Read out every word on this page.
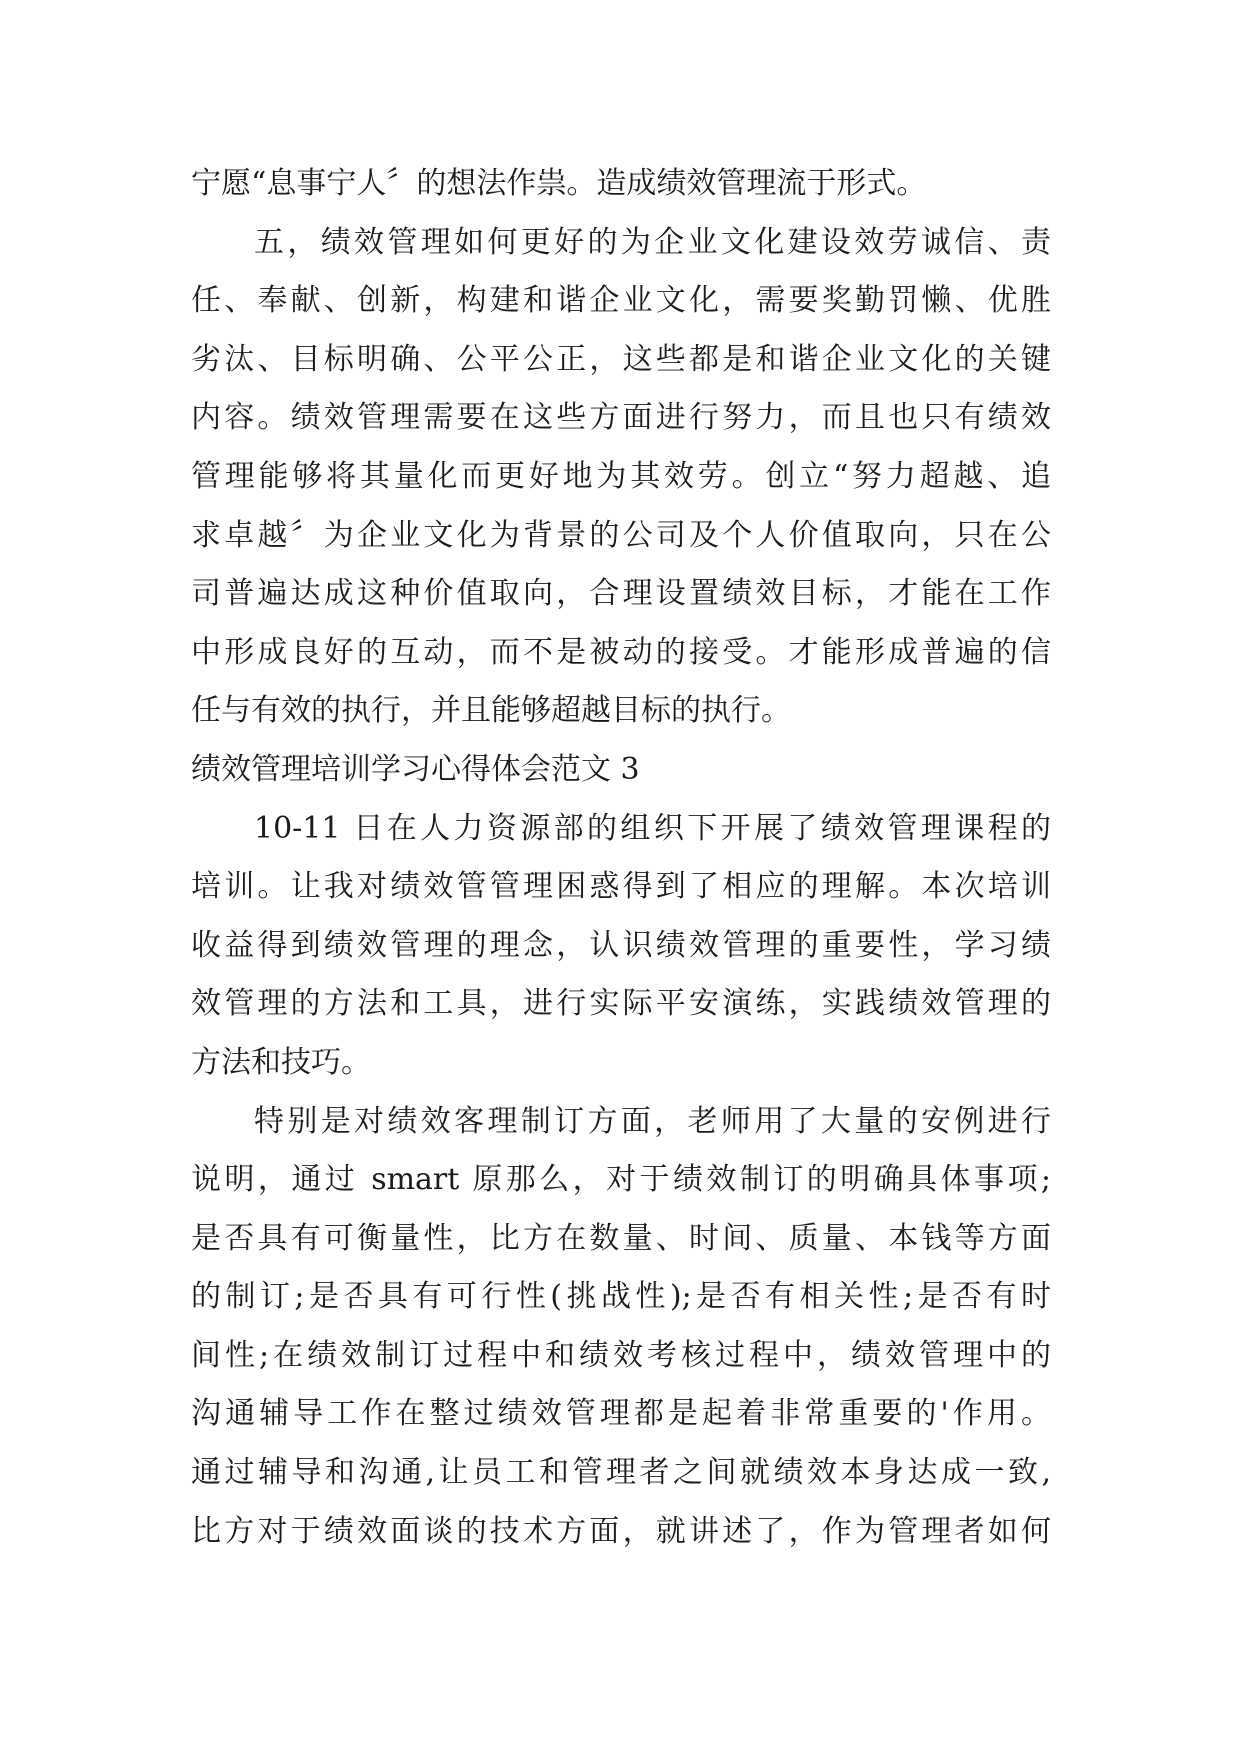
宁愿“息事宁人〞的想法作祟。造成绩效管理流于形式。
五，绩效管理如何更好的为企业文化建设效劳诚信、责
任、奉献、创新，构建和谐企业文化，需要奖勤罚懒、优胜
劣汰、目标明确、公平公正，这些都是和谐企业文化的关键
内容。绩效管理需要在这些方面进行努力，而且也只有绩效
管理能够将其量化而更好地为其效劳。创立“努力超越、追
求卓越〞为企业文化为背景的公司及个人价值取向，只在公
司普遍达成这种价值取向，合理设置绩效目标，才能在工作
中形成良好的互动，而不是被动的接受。才能形成普遍的信
任与有效的执行，并且能够超越目标的执行。
绩效管理培训学习心得体会范文 3
10-11 日在人力资源部的组织下开展了绩效管理课程的
培训。让我对绩效管管理困惑得到了相应的理解。本次培训
收益得到绩效管理的理念，认识绩效管理的重要性，学习绩
效管理的方法和工具，进行实际平安演练，实践绩效管理的
方法和技巧。
特别是对绩效客理制订方面，老师用了大量的安例进行
说明，通过 smart 原那么，对于绩效制订的明确具体事项;
是否具有可衡量性，比方在数量、时间、质量、本钱等方面
的制订;是否具有可行性(挑战性);是否有相关性;是否有时
间性;在绩效制订过程中和绩效考核过程中，绩效管理中的
沟通辅导工作在整过绩效管理都是起着非常重要的'作用。
通过辅导和沟通,让员工和管理者之间就绩效本身达成一致,
比方对于绩效面谈的技术方面，就讲述了，作为管理者如何
